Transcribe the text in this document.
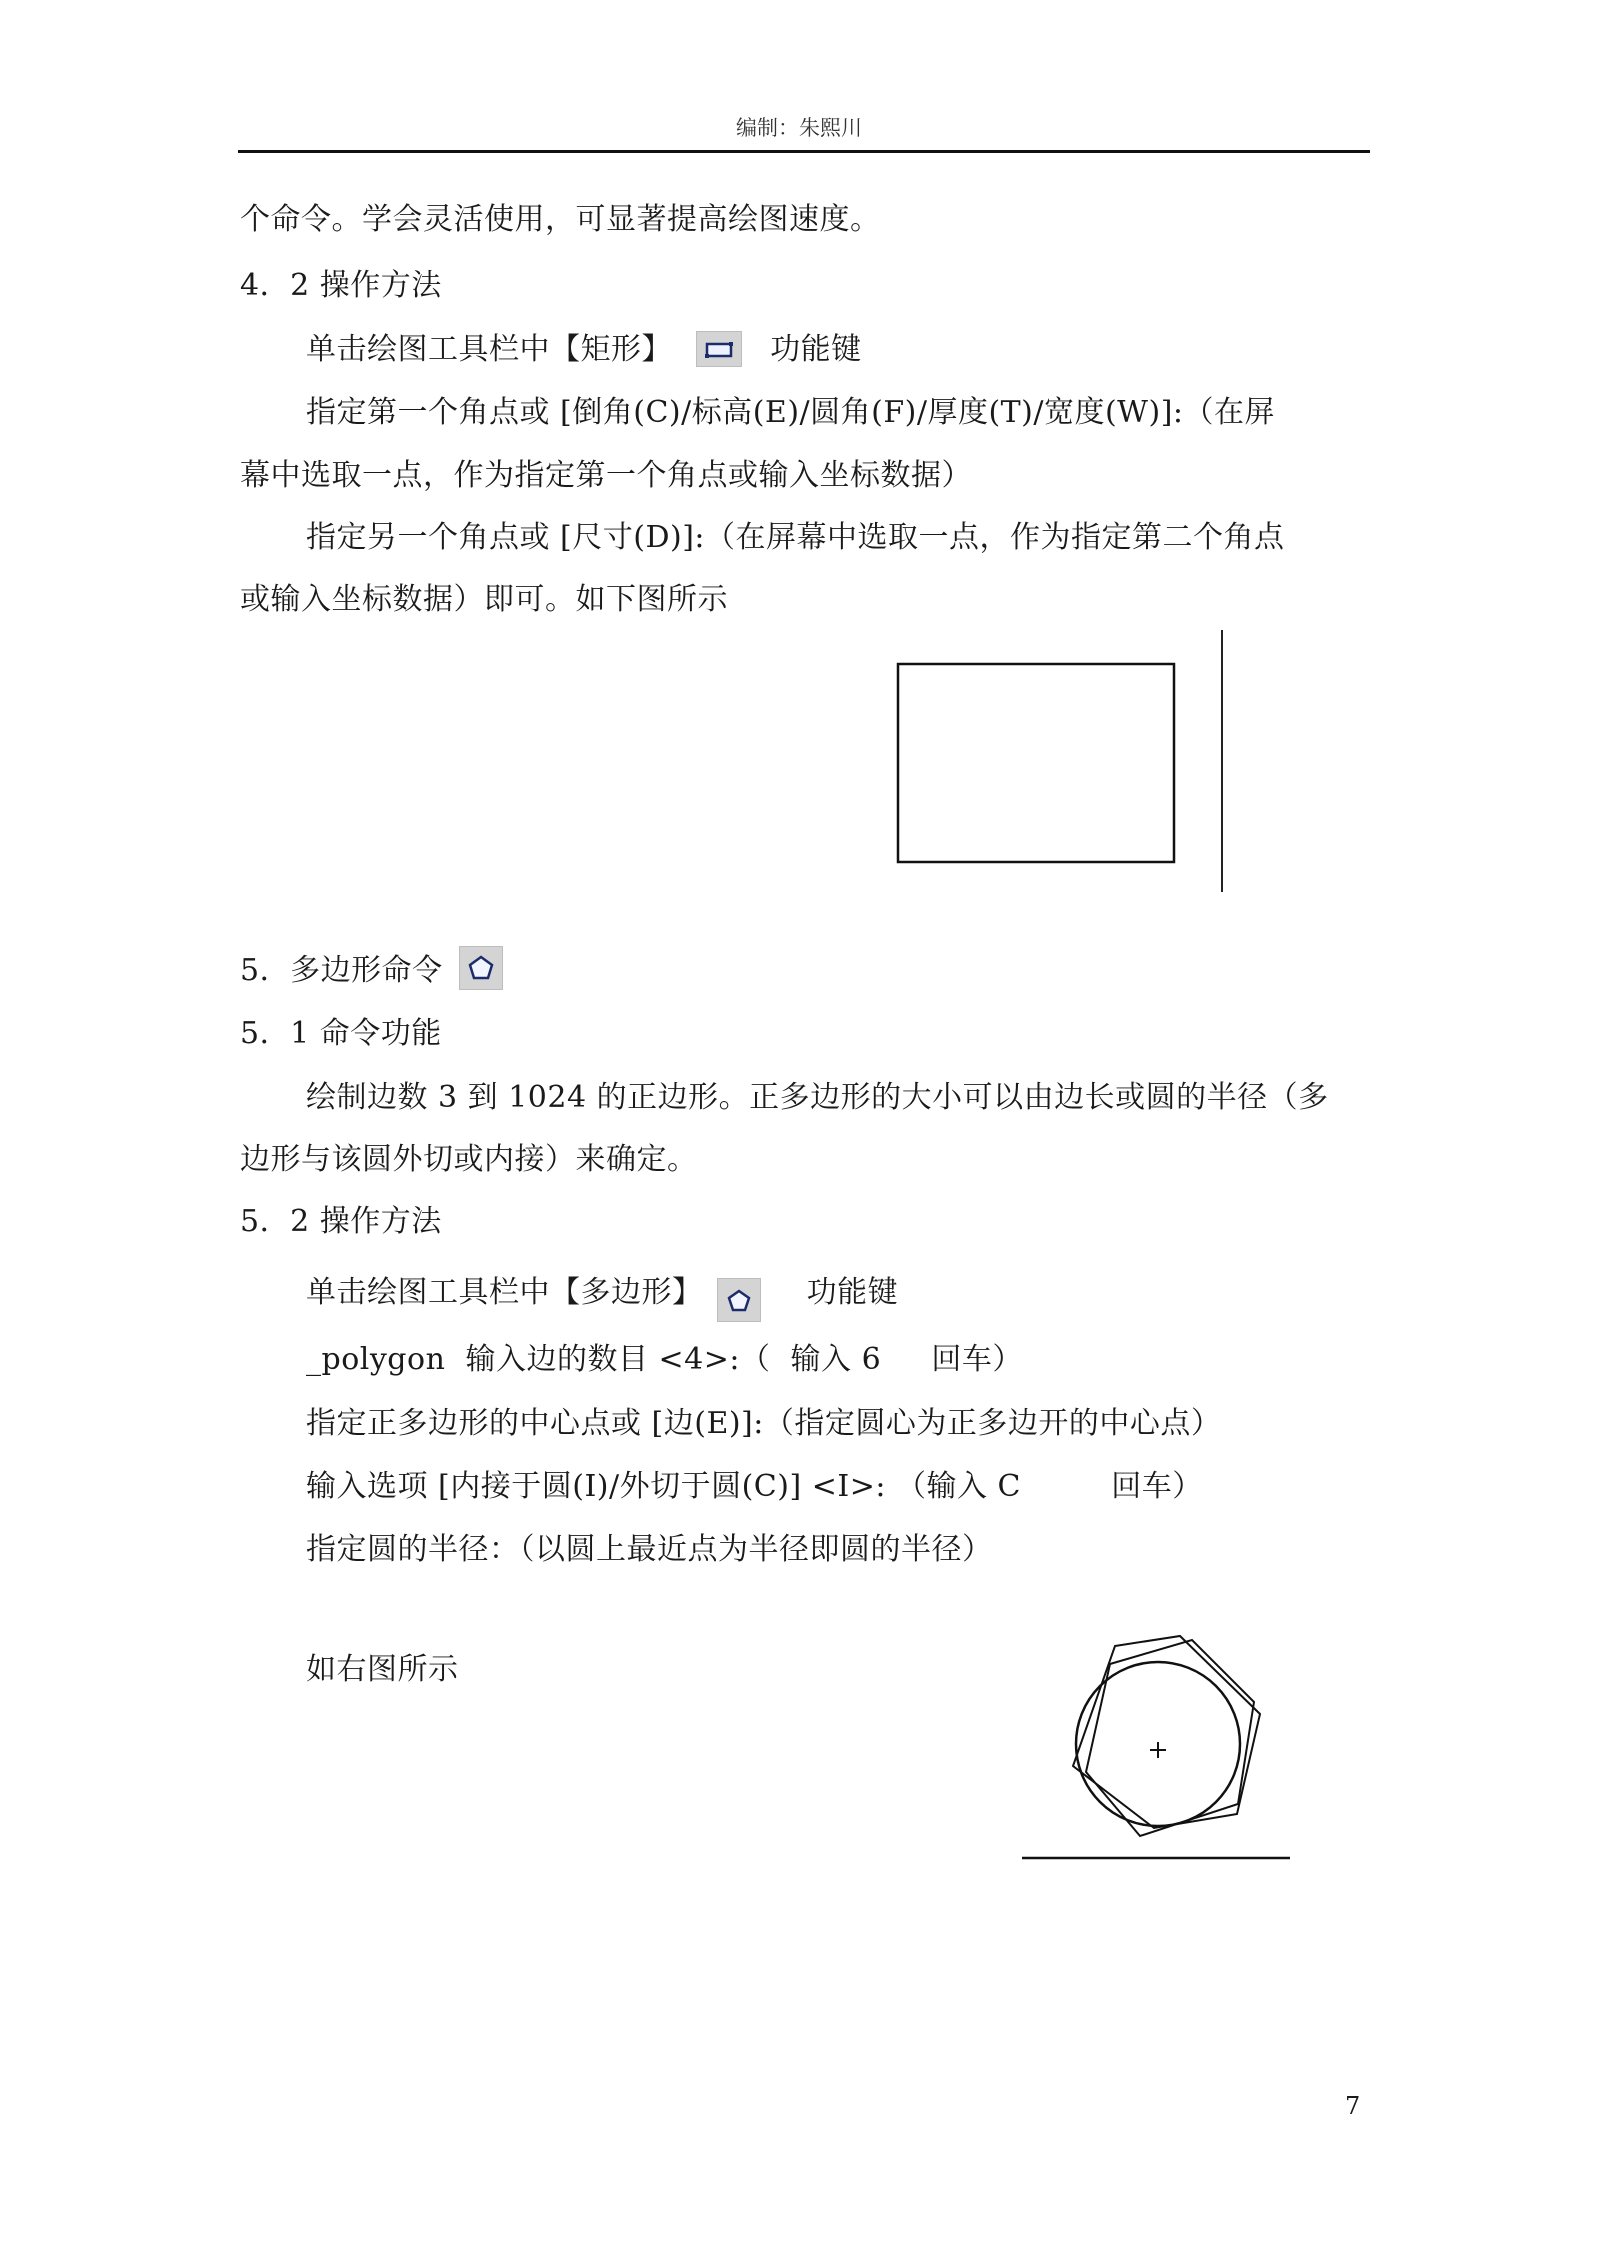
编制：朱熙川
个命令。学会灵活使用，可显著提高绘图速度。
4．2 操作方法
单击绘图工具栏中【矩形】	功能键
指定第一个角点或 [倒角(C)/标高(E)/圆角(F)/厚度(T)/宽度(W)]:（在屏
幕中选取一点，作为指定第一个角点或输入坐标数据）
指定另一个角点或 [尺寸(D)]:（在屏幕中选取一点，作为指定第二个角点
或输入坐标数据）即可。如下图所示
5．多边形命令
5．1 命令功能
绘制边数 3 到 1024 的正边形。正多边形的大小可以由边长或圆的半径（多
边形与该圆外切或内接）来确定。
5．2 操作方法
单击绘图工具栏中【多边形】	功能键
_polygon  输入边的数目 <4>:（  输入 6     回车）
指定正多边形的中心点或 [边(E)]:（指定圆心为正多边开的中心点）
输入选项 [内接于圆(I)/外切于圆(C)] <I>: （输入 C         回车）
指定圆的半径：（以圆上最近点为半径即圆的半径）
如右图所示
7
